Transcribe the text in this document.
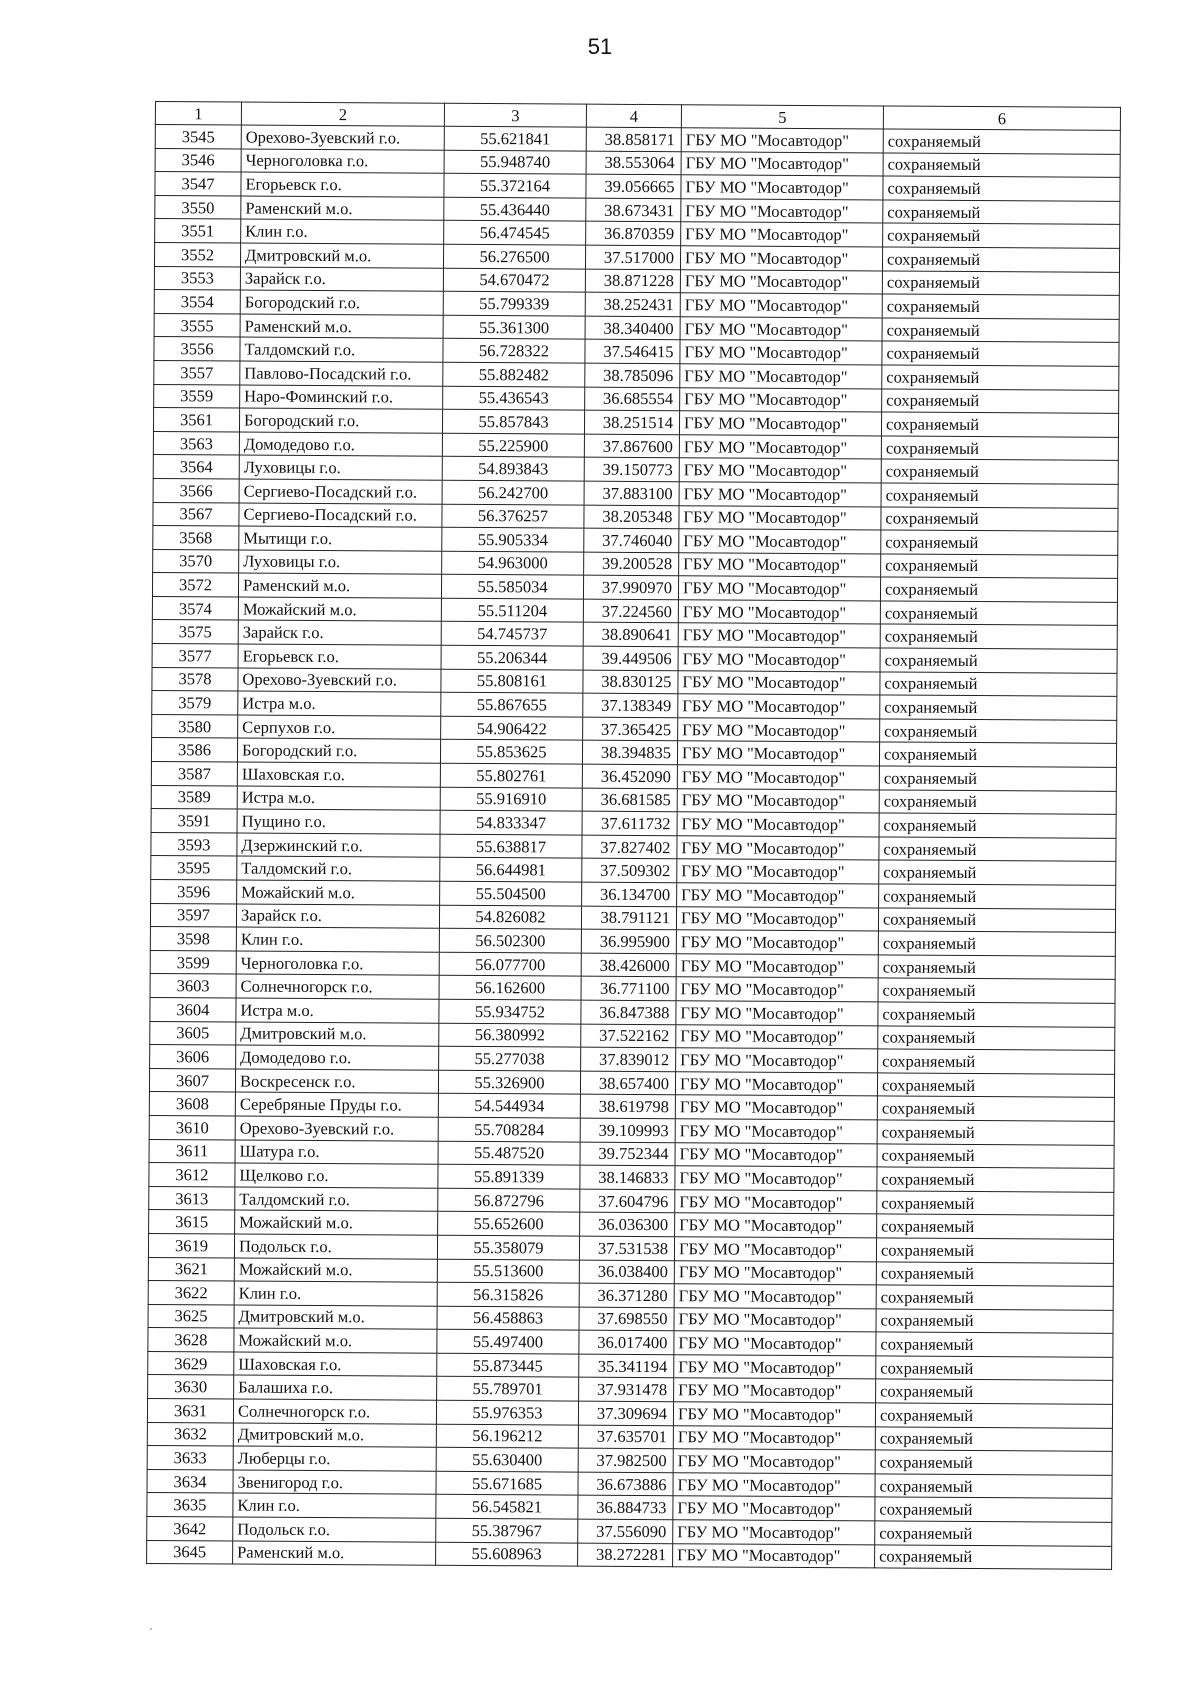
51
1	2	3	4	5	6
3545	Орехово-Зуевский г.о.	55.621841	38.858171	ГБУ МО "Мосавтодор"	сохраняемый
3546	Черноголовка г.о.	55.948740	38.553064	ГБУ МО "Мосавтодор"	сохраняемый
3547	Егорьевск г.о.	55.372164	39.056665	ГБУ МО "Мосавтодор"	сохраняемый
3550	Раменский м.о.	55.436440	38.673431	ГБУ МО "Мосавтодор"	сохраняемый
3551	Клин г.о.	56.474545	36.870359	ГБУ МО "Мосавтодор"	сохраняемый
3552	Дмитровский м.о.	56.276500	37.517000	ГБУ МО "Мосавтодор"	сохраняемый
3553	Зарайск г.о.	54.670472	38.871228	ГБУ МО "Мосавтодор"	сохраняемый
3554	Богородский г.о.	55.799339	38.252431	ГБУ МО "Мосавтодор"	сохраняемый
3555	Раменский м.о.	55.361300	38.340400	ГБУ МО "Мосавтодор"	сохраняемый
3556	Талдомский г.о.	56.728322	37.546415	ГБУ МО "Мосавтодор"	сохраняемый
3557	Павлово-Посадский г.о.	55.882482	38.785096	ГБУ МО "Мосавтодор"	сохраняемый
3559	Наро-Фоминский г.о.	55.436543	36.685554	ГБУ МО "Мосавтодор"	сохраняемый
3561	Богородский г.о.	55.857843	38.251514	ГБУ МО "Мосавтодор"	сохраняемый
3563	Домодедово г.о.	55.225900	37.867600	ГБУ МО "Мосавтодор"	сохраняемый
3564	Луховицы г.о.	54.893843	39.150773	ГБУ МО "Мосавтодор"	сохраняемый
3566	Сергиево-Посадский г.о.	56.242700	37.883100	ГБУ МО "Мосавтодор"	сохраняемый
3567	Сергиево-Посадский г.о.	56.376257	38.205348	ГБУ МО "Мосавтодор"	сохраняемый
3568	Мытищи г.о.	55.905334	37.746040	ГБУ МО "Мосавтодор"	сохраняемый
3570	Луховицы г.о.	54.963000	39.200528	ГБУ МО "Мосавтодор"	сохраняемый
3572	Раменский м.о.	55.585034	37.990970	ГБУ МО "Мосавтодор"	сохраняемый
3574	Можайский м.о.	55.511204	37.224560	ГБУ МО "Мосавтодор"	сохраняемый
3575	Зарайск г.о.	54.745737	38.890641	ГБУ МО "Мосавтодор"	сохраняемый
3577	Егорьевск г.о.	55.206344	39.449506	ГБУ МО "Мосавтодор"	сохраняемый
3578	Орехово-Зуевский г.о.	55.808161	38.830125	ГБУ МО "Мосавтодор"	сохраняемый
3579	Истра м.о.	55.867655	37.138349	ГБУ МО "Мосавтодор"	сохраняемый
3580	Серпухов г.о.	54.906422	37.365425	ГБУ МО "Мосавтодор"	сохраняемый
3586	Богородский г.о.	55.853625	38.394835	ГБУ МО "Мосавтодор"	сохраняемый
3587	Шаховская г.о.	55.802761	36.452090	ГБУ МО "Мосавтодор"	сохраняемый
3589	Истра м.о.	55.916910	36.681585	ГБУ МО "Мосавтодор"	сохраняемый
3591	Пущино г.о.	54.833347	37.611732	ГБУ МО "Мосавтодор"	сохраняемый
3593	Дзержинский г.о.	55.638817	37.827402	ГБУ МО "Мосавтодор"	сохраняемый
3595	Талдомский г.о.	56.644981	37.509302	ГБУ МО "Мосавтодор"	сохраняемый
3596	Можайский м.о.	55.504500	36.134700	ГБУ МО "Мосавтодор"	сохраняемый
3597	Зарайск г.о.	54.826082	38.791121	ГБУ МО "Мосавтодор"	сохраняемый
3598	Клин г.о.	56.502300	36.995900	ГБУ МО "Мосавтодор"	сохраняемый
3599	Черноголовка г.о.	56.077700	38.426000	ГБУ МО "Мосавтодор"	сохраняемый
3603	Солнечногорск г.о.	56.162600	36.771100	ГБУ МО "Мосавтодор"	сохраняемый
3604	Истра м.о.	55.934752	36.847388	ГБУ МО "Мосавтодор"	сохраняемый
3605	Дмитровский м.о.	56.380992	37.522162	ГБУ МО "Мосавтодор"	сохраняемый
3606	Домодедово г.о.	55.277038	37.839012	ГБУ МО "Мосавтодор"	сохраняемый
3607	Воскресенск г.о.	55.326900	38.657400	ГБУ МО "Мосавтодор"	сохраняемый
3608	Серебряные Пруды г.о.	54.544934	38.619798	ГБУ МО "Мосавтодор"	сохраняемый
3610	Орехово-Зуевский г.о.	55.708284	39.109993	ГБУ МО "Мосавтодор"	сохраняемый
3611	Шатура г.о.	55.487520	39.752344	ГБУ МО "Мосавтодор"	сохраняемый
3612	Щелково г.о.	55.891339	38.146833	ГБУ МО "Мосавтодор"	сохраняемый
3613	Талдомский г.о.	56.872796	37.604796	ГБУ МО "Мосавтодор"	сохраняемый
3615	Можайский м.о.	55.652600	36.036300	ГБУ МО "Мосавтодор"	сохраняемый
3619	Подольск г.о.	55.358079	37.531538	ГБУ МО "Мосавтодор"	сохраняемый
3621	Можайский м.о.	55.513600	36.038400	ГБУ МО "Мосавтодор"	сохраняемый
3622	Клин г.о.	56.315826	36.371280	ГБУ МО "Мосавтодор"	сохраняемый
3625	Дмитровский м.о.	56.458863	37.698550	ГБУ МО "Мосавтодор"	сохраняемый
3628	Можайский м.о.	55.497400	36.017400	ГБУ МО "Мосавтодор"	сохраняемый
3629	Шаховская г.о.	55.873445	35.341194	ГБУ МО "Мосавтодор"	сохраняемый
3630	Балашиха г.о.	55.789701	37.931478	ГБУ МО "Мосавтодор"	сохраняемый
3631	Солнечногорск г.о.	55.976353	37.309694	ГБУ МО "Мосавтодор"	сохраняемый
3632	Дмитровский м.о.	56.196212	37.635701	ГБУ МО "Мосавтодор"	сохраняемый
3633	Люберцы г.о.	55.630400	37.982500	ГБУ МО "Мосавтодор"	сохраняемый
3634	Звенигород г.о.	55.671685	36.673886	ГБУ МО "Мосавтодор"	сохраняемый
3635	Клин г.о.	56.545821	36.884733	ГБУ МО "Мосавтодор"	сохраняемый
3642	Подольск г.о.	55.387967	37.556090	ГБУ МО "Мосавтодор"	сохраняемый
3645	Раменский м.о.	55.608963	38.272281	ГБУ МО "Мосавтодор"	сохраняемый
